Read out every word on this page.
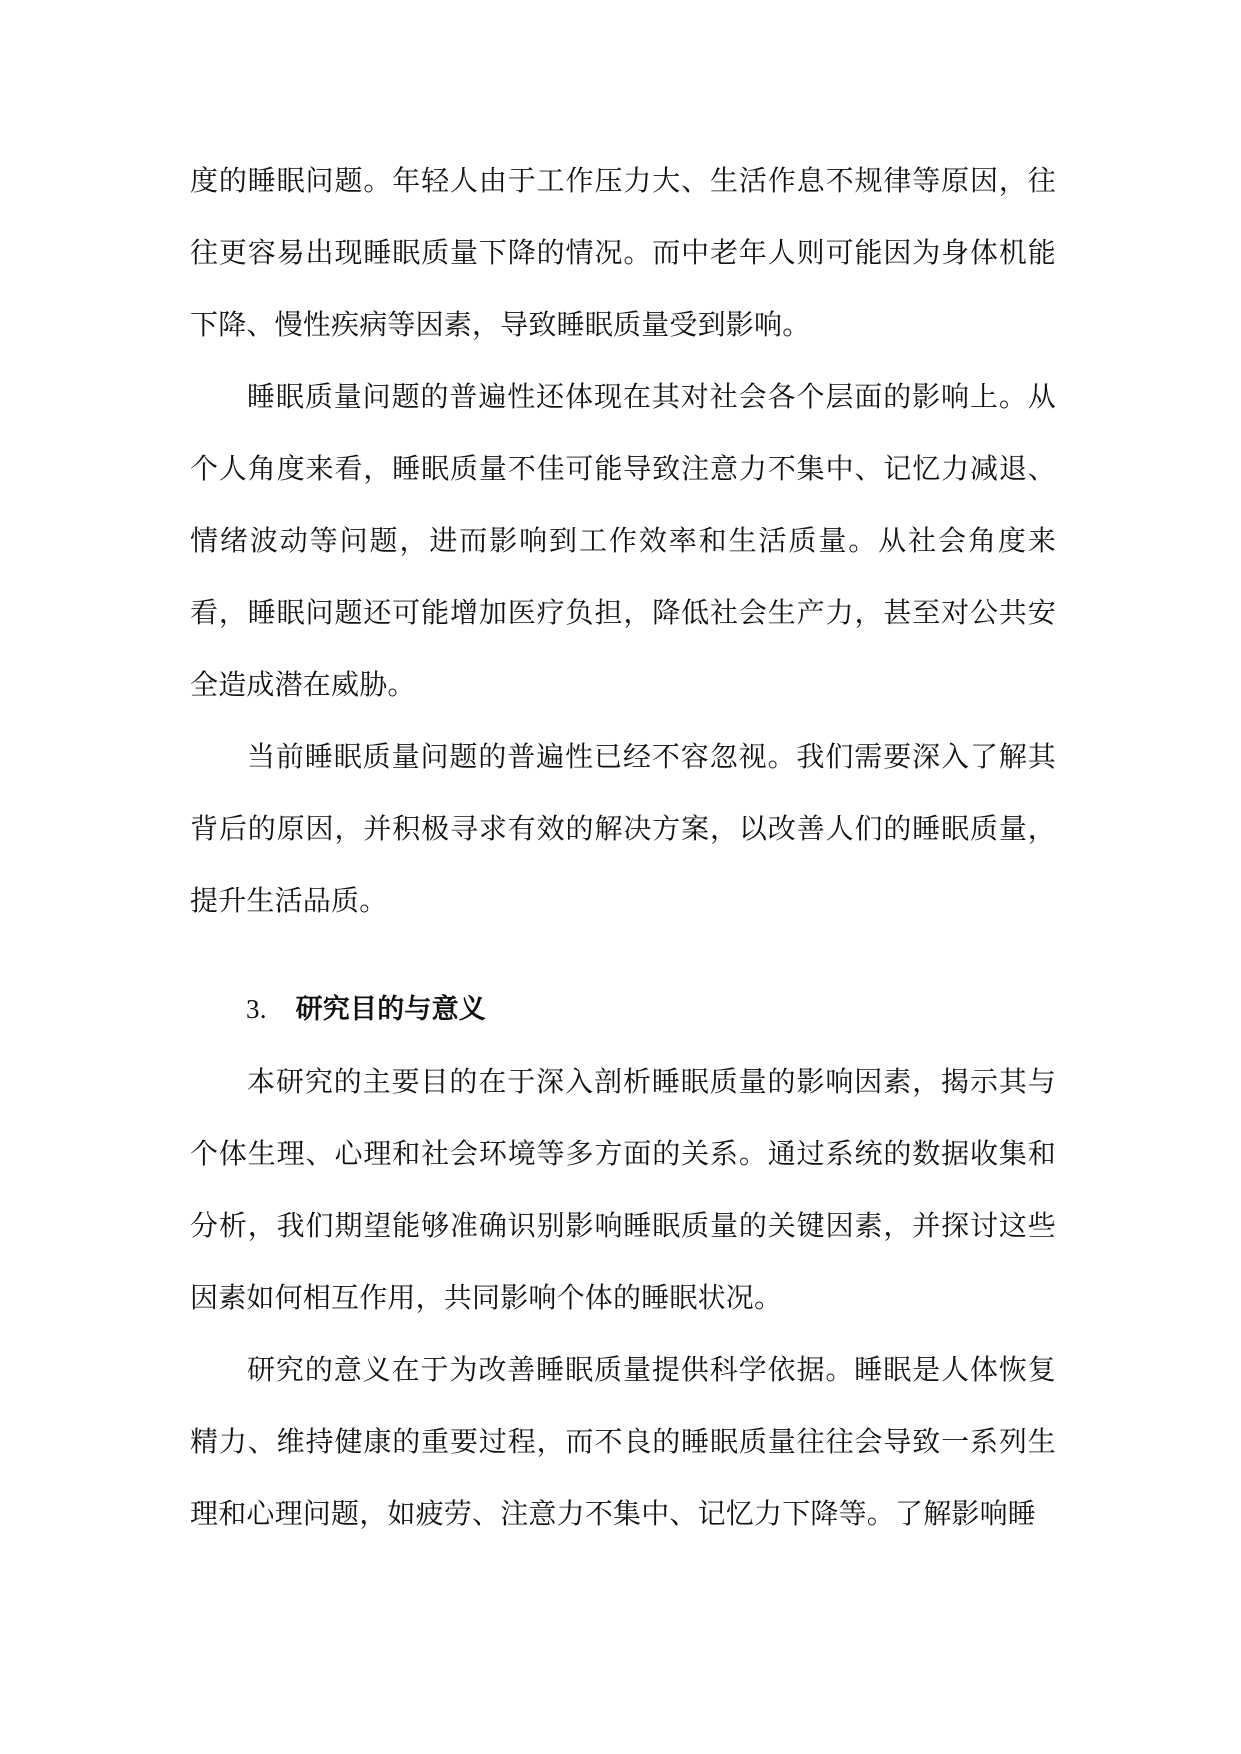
度的睡眠问题。年轻人由于工作压力大、生活作息不规律等原因，往往更容易出现睡眠质量下降的情况。而中老年人则可能因为身体机能下降、慢性疾病等因素，导致睡眠质量受到影响。

睡眠质量问题的普遍性还体现在其对社会各个层面的影响上。从个人角度来看，睡眠质量不佳可能导致注意力不集中、记忆力减退、情绪波动等问题，进而影响到工作效率和生活质量。从社会角度来看，睡眠问题还可能增加医疗负担，降低社会生产力，甚至对公共安全造成潜在威胁。

当前睡眠质量问题的普遍性已经不容忽视。我们需要深入了解其背后的原因，并积极寻求有效的解决方案，以改善人们的睡眠质量，提升生活品质。

3. 研究目的与意义

本研究的主要目的在于深入剖析睡眠质量的影响因素，揭示其与个体生理、心理和社会环境等多方面的关系。通过系统的数据收集和分析，我们期望能够准确识别影响睡眠质量的关键因素，并探讨这些因素如何相互作用，共同影响个体的睡眠状况。

研究的意义在于为改善睡眠质量提供科学依据。睡眠是人体恢复精力、维持健康的重要过程，而不良的睡眠质量往往会导致一系列生理和心理问题，如疲劳、注意力不集中、记忆力下降等。了解影响睡
